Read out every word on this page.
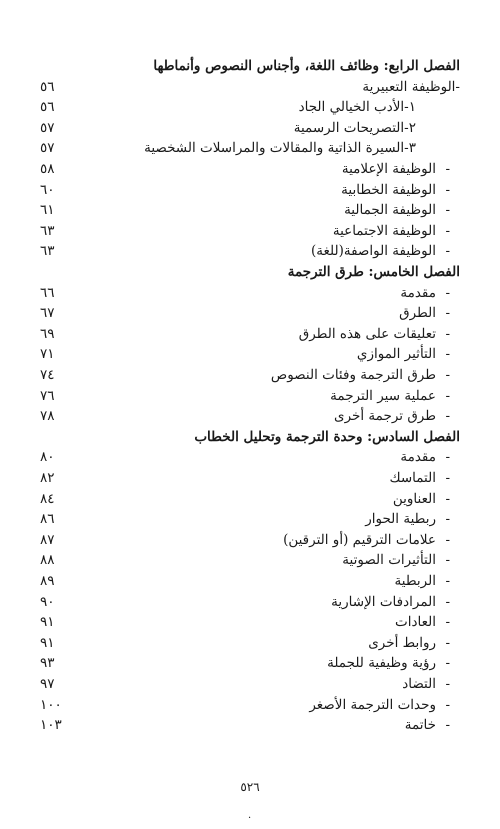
الفصل الرابع: وظائف اللغة، وأجناس النصوص وأنماطها
-الوظيفة التعبيرية
٥٦
١-الأدب الخيالي الجاد
٥٦
٢-التصريحات الرسمية
٥٧
٣-السيرة الذاتية والمقالات والمراسلات الشخصية
٥٧
-
الوظيفة الإعلامية
٥٨
-
الوظيفة الخطابية
٦٠
-
الوظيفة الجمالية
٦١
-
الوظيفة الاجتماعية
٦٣
-
الوظيفة الواصفة(للغة)
٦٣
الفصل الخامس: طرق الترجمة
-
مقدمة
٦٦
-
الطرق
٦٧
-
تعليقات على هذه الطرق
٦٩
-
التأثير الموازي
٧١
-
طرق الترجمة وفئات النصوص
٧٤
-
عملية سير الترجمة
٧٦
-
طرق ترجمة أخرى
٧٨
الفصل السادس: وحدة الترجمة وتحليل الخطاب
-
مقدمة
٨٠
-
التماسك
٨٢
-
العناوين
٨٤
-
ربطية الحوار
٨٦
-
علامات الترقيم (أو الترقين)
٨٧
-
التأثيرات الصوتية
٨٨
-
الربطية
٨٩
-
المرادفات الإشارية
٩٠
-
العادات
٩١
-
روابط أخرى
٩١
-
رؤية وظيفية للجملة
٩٣
-
التضاد
٩٧
-
وحدات الترجمة الأصغر
١٠٠
-
خاتمة
١٠٣
٥٢٦
·
